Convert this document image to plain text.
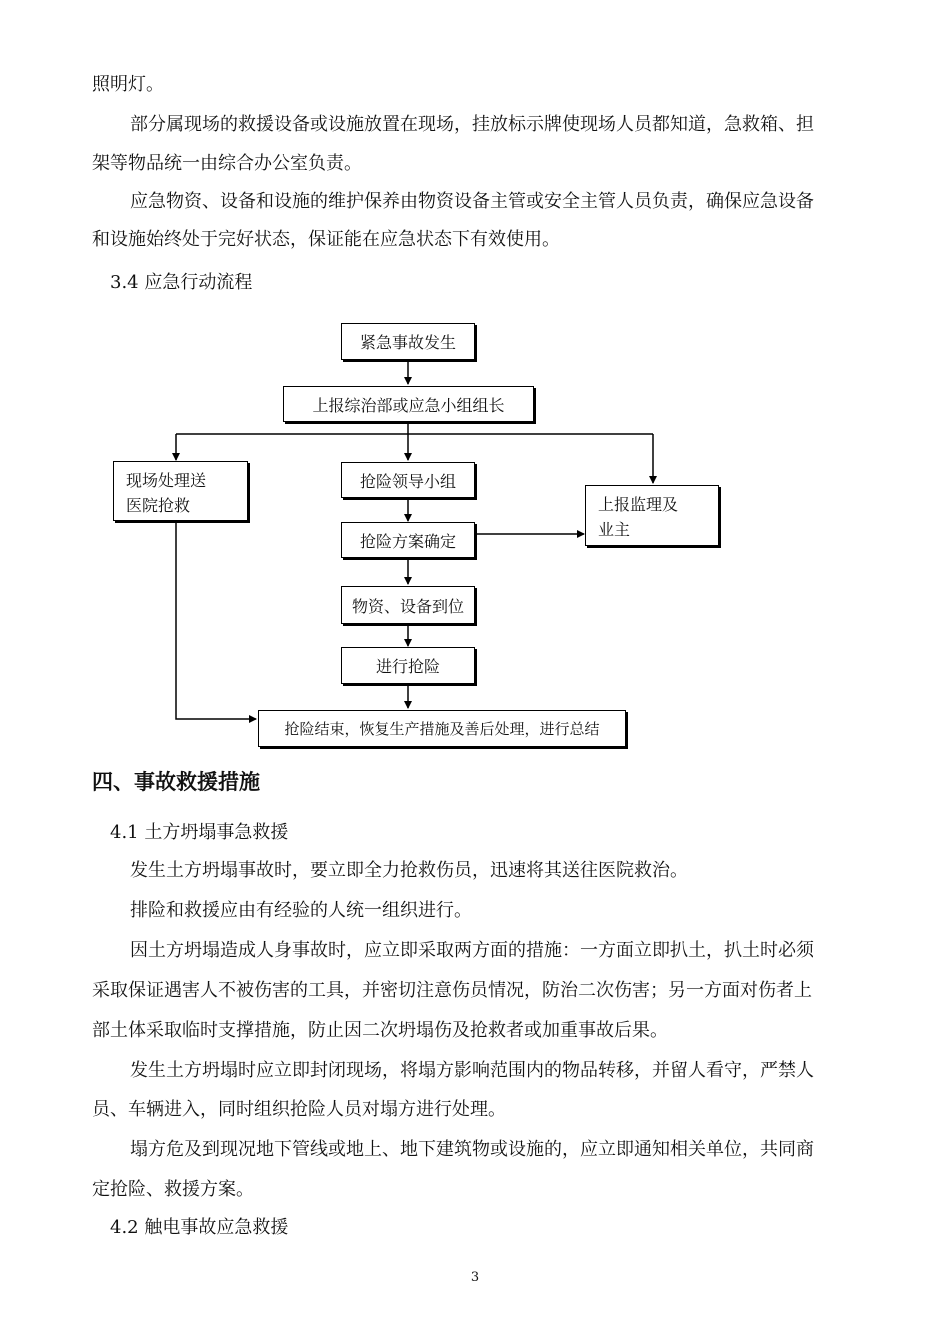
照明灯。
部分属现场的救援设备或设施放置在现场，挂放标示牌使现场人员都知道，急救箱、担
架等物品统一由综合办公室负责。
应急物资、设备和设施的维护保养由物资设备主管或安全主管人员负责，确保应急设备
和设施始终处于完好状态，保证能在应急状态下有效使用。
3.4 应急行动流程
紧急事故发生
上报综治部或应急小组组长
现场处理送
医院抢救
抢险领导小组
上报监理及
业主
抢险方案确定
物资、设备到位
进行抢险
抢险结束，恢复生产措施及善后处理，进行总结
四、事故救援措施
4.1 土方坍塌事急救援
发生土方坍塌事故时，要立即全力抢救伤员，迅速将其送往医院救治。
排险和救援应由有经验的人统一组织进行。
因土方坍塌造成人身事故时，应立即采取两方面的措施：一方面立即扒土，扒土时必须
采取保证遇害人不被伤害的工具，并密切注意伤员情况，防治二次伤害；另一方面对伤者上
部土体采取临时支撑措施，防止因二次坍塌伤及抢救者或加重事故后果。
发生土方坍塌时应立即封闭现场，将塌方影响范围内的物品转移，并留人看守，严禁人
员、车辆进入，同时组织抢险人员对塌方进行处理。
塌方危及到现况地下管线或地上、地下建筑物或设施的，应立即通知相关单位，共同商
定抢险、救援方案。
4.2 触电事故应急救援
3
